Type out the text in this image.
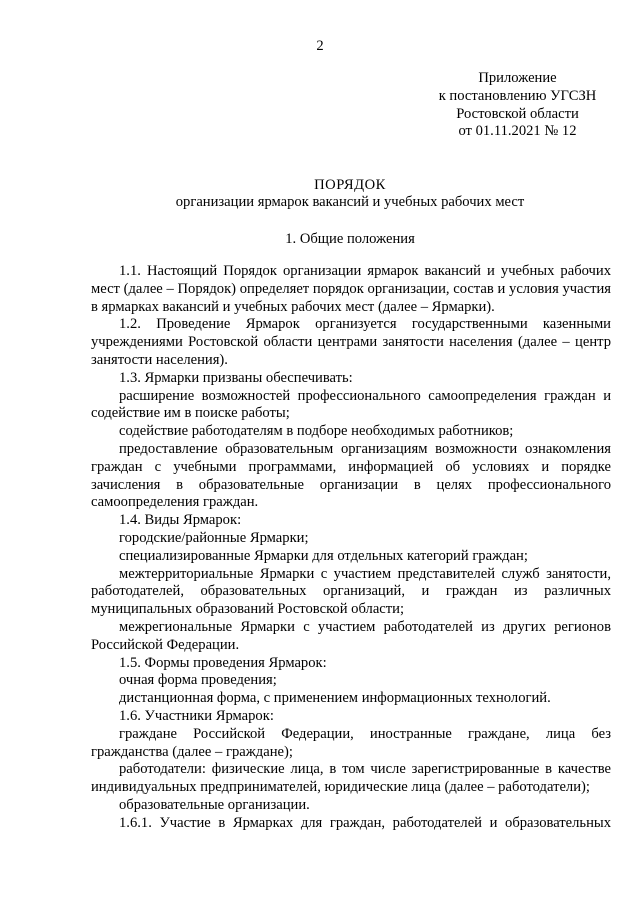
2
Приложение
к постановлению УГСЗН
Ростовской области
от 01.11.2021 № 12
ПОРЯДОК
организации ярмарок вакансий и учебных рабочих мест
1. Общие положения

1.1. Настоящий Порядок организации ярмарок вакансий и учебных рабочих мест (далее – Порядок) определяет порядок организации, состав и условия участия в ярмарках вакансий и учебных рабочих мест (далее – Ярмарки).

1.2. Проведение Ярмарок организуется государственными казенными учреждениями Ростовской области центрами занятости населения (далее – центр занятости населения).

1.3. Ярмарки призваны обеспечивать:

расширение возможностей профессионального самоопределения граждан и содействие им в поиске работы;

содействие работодателям в подборе необходимых работников;

предоставление образовательным организациям возможности ознакомления граждан с учебными программами, информацией об условиях и порядке зачисления в образовательные организации в целях профессионального самоопределения граждан.

1.4. Виды Ярмарок:

городские/районные Ярмарки;

специализированные Ярмарки для отдельных категорий граждан;

межтерриториальные Ярмарки с участием представителей служб занятости, работодателей, образовательных организаций, и граждан из различных муниципальных образований Ростовской области;

межрегиональные Ярмарки с участием работодателей из других регионов Российской Федерации.

1.5. Формы проведения Ярмарок:

очная форма проведения;

дистанционная форма, с применением информационных технологий.

1.6. Участники Ярмарок:

граждане Российской Федерации, иностранные граждане, лица без гражданства (далее – граждане);

работодатели: физические лица, в том числе зарегистрированные в качестве индивидуальных предпринимателей, юридические лица (далее – работодатели);

образовательные организации.

1.6.1. Участие в Ярмарках для граждан, работодателей и образовательных
